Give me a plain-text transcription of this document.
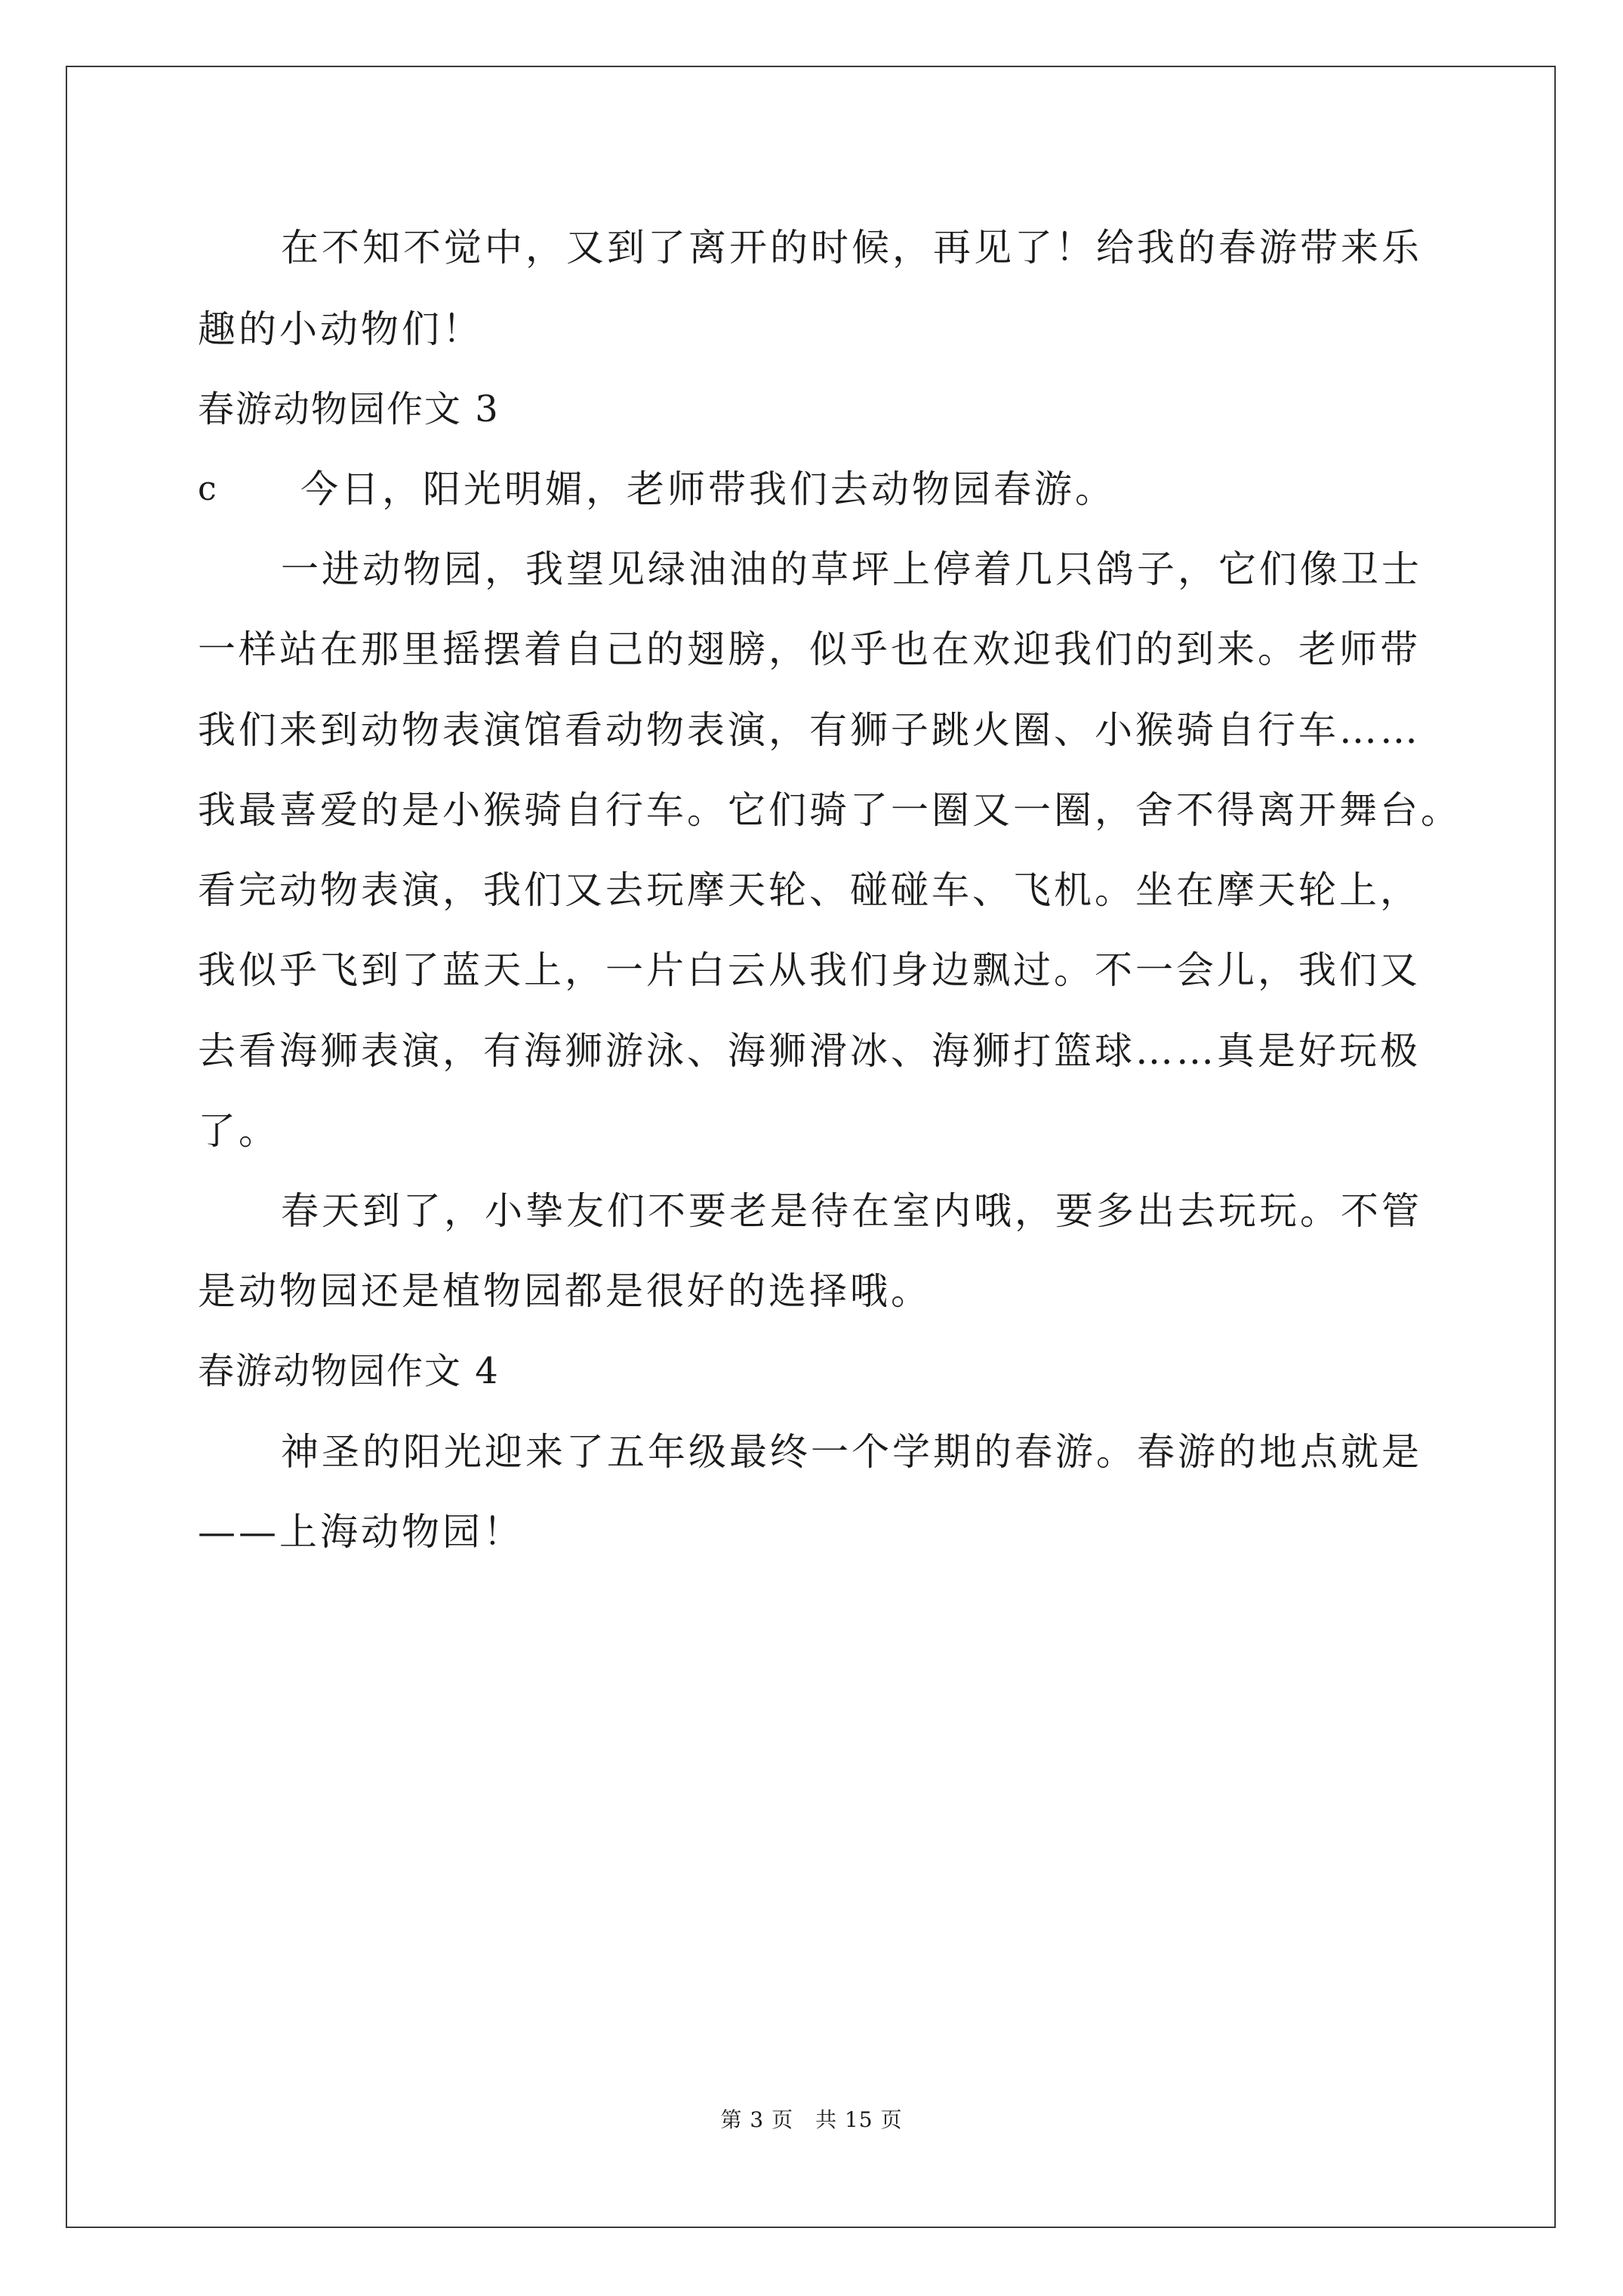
在不知不觉中，又到了离开的时候，再见了！给我的春游带来乐
趣的小动物们！
春游动物园作文 3
c 今日，阳光明媚，老师带我们去动物园春游。
一进动物园，我望见绿油油的草坪上停着几只鸽子，它们像卫士
一样站在那里摇摆着自己的翅膀，似乎也在欢迎我们的到来。老师带
我们来到动物表演馆看动物表演，有狮子跳火圈、小猴骑自行车……
我最喜爱的是小猴骑自行车。它们骑了一圈又一圈，舍不得离开舞台。
看完动物表演，我们又去玩摩天轮、碰碰车、飞机。坐在摩天轮上，
我似乎飞到了蓝天上，一片白云从我们身边飘过。不一会儿，我们又
去看海狮表演，有海狮游泳、海狮滑冰、海狮打篮球……真是好玩极
了。
春天到了，小挚友们不要老是待在室内哦，要多出去玩玩。不管
是动物园还是植物园都是很好的选择哦。
春游动物园作文 4
神圣的阳光迎来了五年级最终一个学期的春游。春游的地点就是
——上海动物园！
第 3 页　共 15 页
